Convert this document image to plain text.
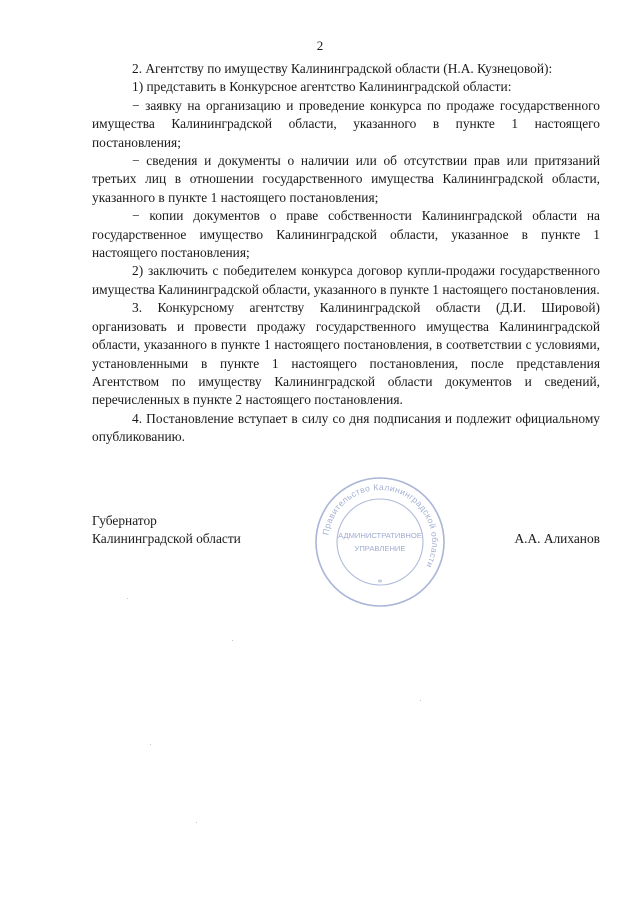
2

2. Агентству по имуществу Калининградской области (Н.А. Кузнецовой):

1) представить в Конкурсное агентство Калининградской области:

− заявку на организацию и проведение конкурса по продаже государственного имущества Калининградской области, указанного в пункте 1 настоящего постановления;

− сведения и документы о наличии или об отсутствии прав или притязаний третьих лиц в отношении государственного имущества Калининградской области, указанного в пункте 1 настоящего постановления;

− копии документов о праве собственности Калининградской области на государственное имущество Калининградской области, указанное в пункте 1 настоящего постановления;

2) заключить с победителем конкурса договор купли-продажи государственного имущества Калининградской области, указанного в пункте 1 настоящего постановления.

3. Конкурсному агентству Калининградской области (Д.И. Шировой) организовать и провести продажу государственного имущества Калининградской области, указанного в пункте 1 настоящего постановления, в соответствии с условиями, установленными в пункте 1 настоящего постановления, после представления Агентством по имуществу Калининградской области документов и сведений, перечисленных в пункте 2 настоящего постановления.

4. Постановление вступает в силу со дня подписания и подлежит официальному опубликованию.

Губернатор
Калининградской области	А.А. Алиханов
Правительство Калининградской области
АДМИНИСТРАТИВНОЕ
УПРАВЛЕНИЕ
*
